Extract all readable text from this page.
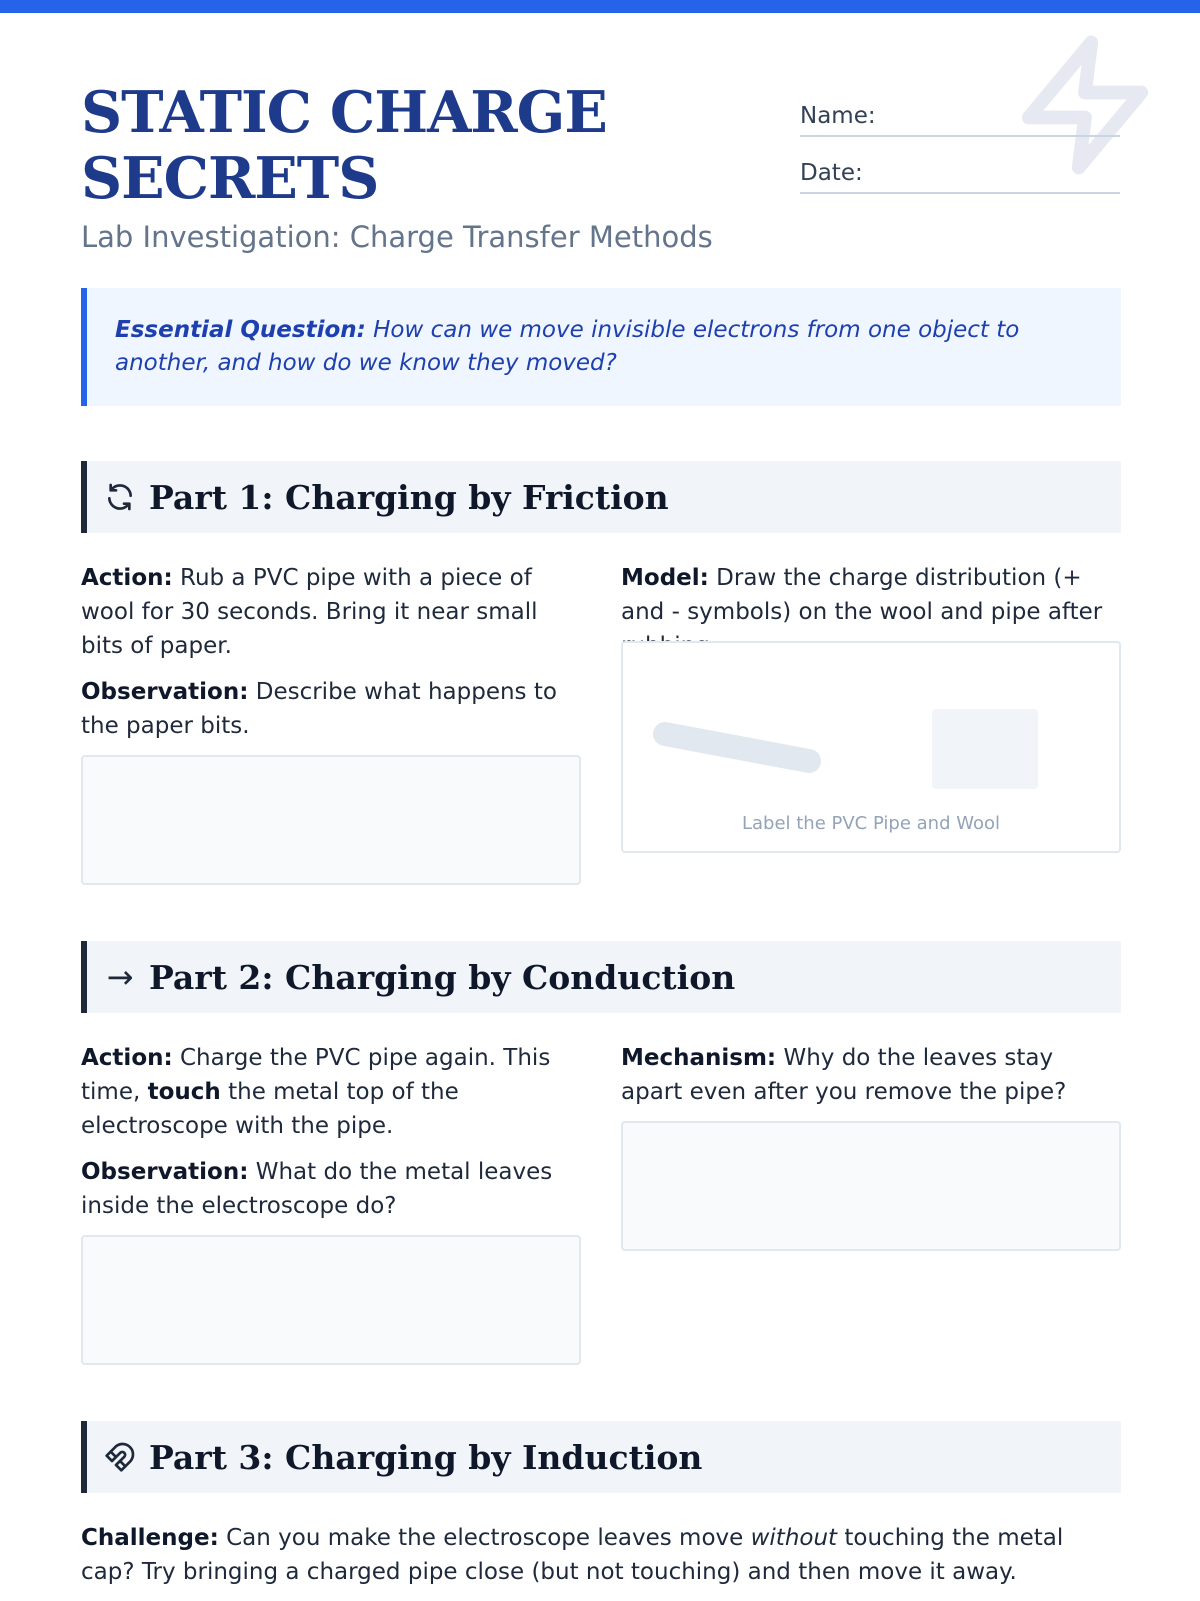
STATIC CHARGE SECRETS
Lab Investigation: Charge Transfer Methods
Name:
Date:
Essential Question: How can we move invisible electrons from one object to another, and how do we know they moved?
Part 1: Charging by Friction

Action: Rub a PVC pipe with a piece of wool for 30 seconds. Bring it near small bits of paper.

Observation: Describe what happens to the paper bits.

Model: Draw the charge distribution (+ and - symbols) on the wool and pipe after

Label the PVC Pipe and Wool
→ Part 2: Charging by Conduction

Action: Charge the PVC pipe again. This time, touch the metal top of the electroscope with the pipe.

Observation: What do the metal leaves inside the electroscope do?

Mechanism: Why do the leaves stay apart even after you remove the pipe?

Part 3: Charging by Induction

Challenge: Can you make the electroscope leaves move without touching the metal cap? Try bringing a charged pipe close (but not touching) and then move it away.
